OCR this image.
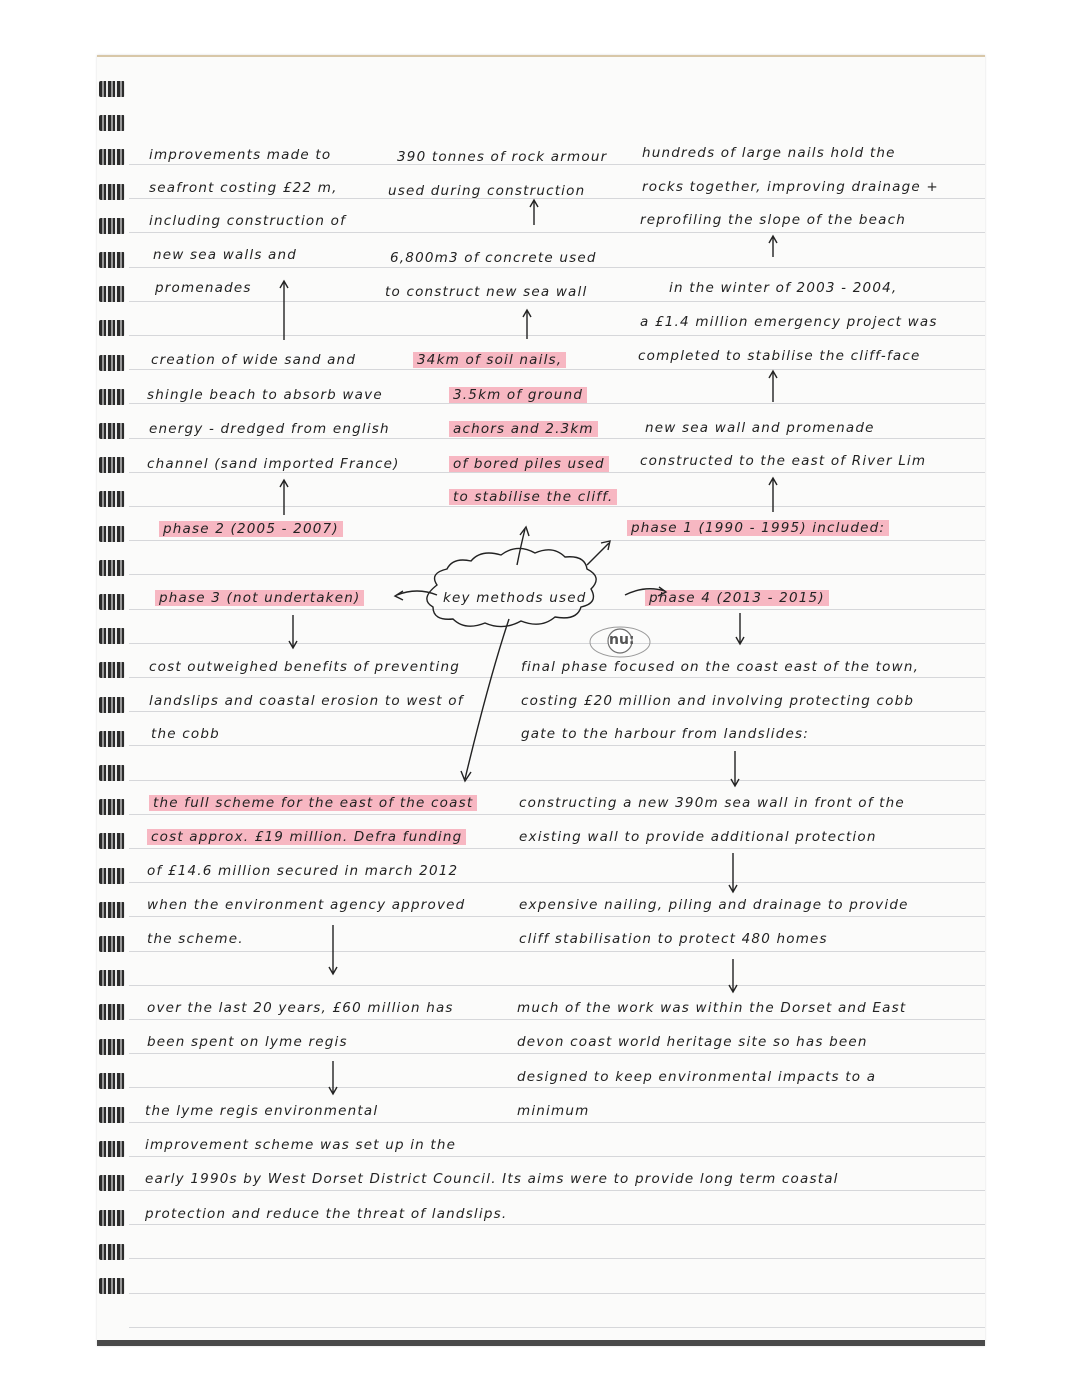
improvements made to
seafront costing £22 m,
including construction of
new sea walls and
promenades
creation of wide sand and
shingle beach to absorb wave
energy - dredged from english
channel (sand imported France)
390 tonnes of rock armour
used during construction
6,800m3 of concrete used
to construct new sea wall
34km of soil nails,
3.5km of ground
achors and 2.3km
of bored piles used
to stabilise the cliff.
phase 2 (2005 - 2007)
hundreds of large nails hold the
rocks together, improving drainage +
reprofiling the slope of the beach
in the winter of 2003 - 2004,
a £1.4 million emergency project was
completed to stabilise the cliff-face
new sea wall and promenade
constructed to the east of River Lim
phase 1 (1990 - 1995) included:
phase 3 (not undertaken)	key methods used	phase 4 (2013 - 2015)
cost outweighed benefits of preventing
landslips and coastal erosion to west of
the cobb
final phase focused on the coast east of the town,
costing £20 million and involving protecting cobb
gate to the harbour from landslides:
the full scheme for the east of the coast
cost approx. £19 million. Defra funding
of £14.6 million secured in march 2012
when the environment agency approved
the scheme.
constructing a new 390m sea wall in front of the
existing wall to provide additional protection
expensive nailing, piling and drainage to provide
cliff stabilisation to protect 480 homes
much of the work was within the Dorset and East
devon coast world heritage site so has been
designed to keep environmental impacts to a
minimum
over the last 20 years, £60 million has
been spent on lyme regis
the lyme regis environmental
improvement scheme was set up in the
early 1990s by West Dorset District Council. Its aims were to provide long term coastal
protection and reduce the threat of landslips.
nu:
